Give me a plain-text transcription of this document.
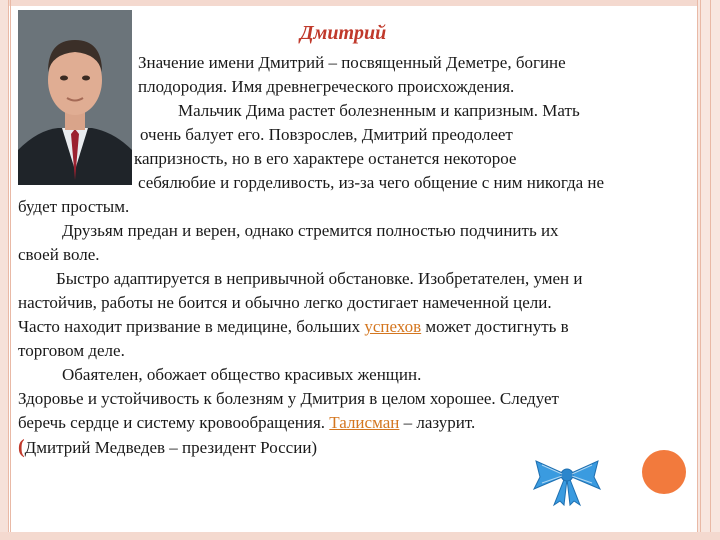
Дмитрий
Значение имени Дмитрий – посвященный Деметре, богине
плодородия. Имя древнегреческого происхождения.
Мальчик Дима растет болезненным и капризным. Мать
очень балует его. Повзрослев, Дмитрий преодолеет
капризность, но в его характере останется некоторое
себялюбие и горделивость, из-за чего общение с ним никогда не
будет простым.
Друзьям предан и верен, однако стремится полностью подчинить их
своей воле.
Быстро адаптируется в непривычной обстановке. Изобретателен, умен и
настойчив, работы не боится и обычно легко достигает намеченной цели.
Часто находит призвание в медицине, больших успехов может достигнуть в
торговом деле.
Обаятелен, обожает общество красивых женщин.
Здоровье и устойчивость к болезням у Дмитрия в целом хорошее. Следует
беречь сердце и систему кровообращения. Талисман – лазурит.
(Дмитрий Медведев – президент России)
